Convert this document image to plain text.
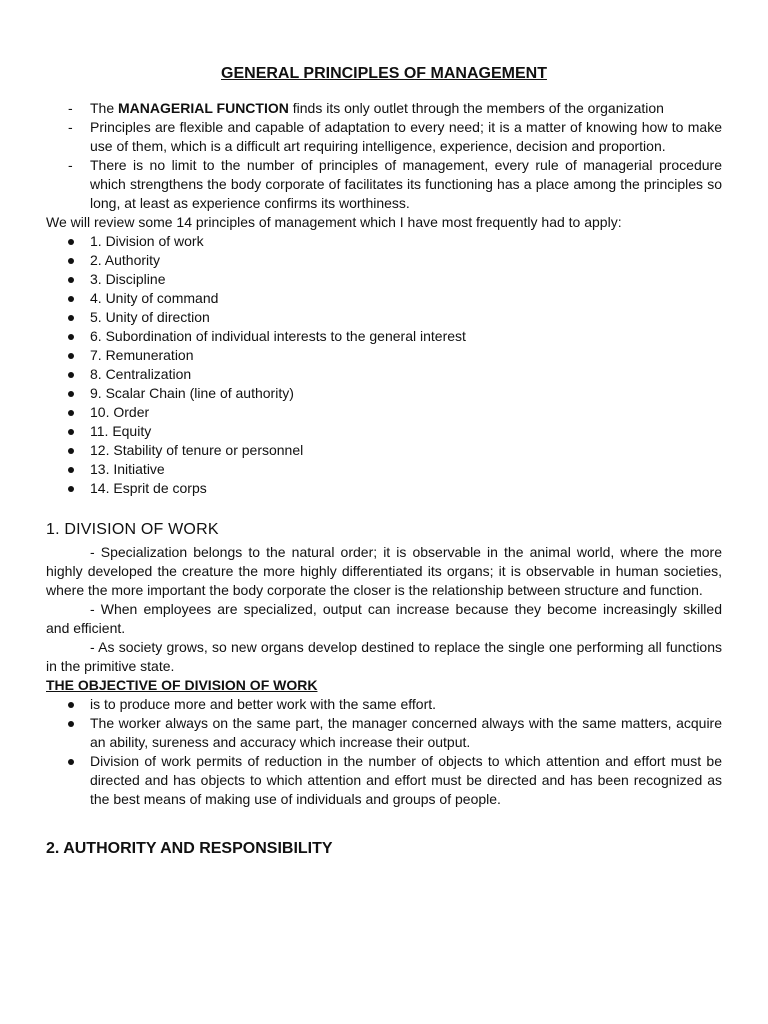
GENERAL PRINCIPLES OF MANAGEMENT
- The MANAGERIAL FUNCTION finds its only outlet through the members of the organization
- Principles are flexible and capable of adaptation to every need; it is a matter of knowing how to make use of them, which is a difficult art requiring intelligence, experience, decision and proportion.
- There is no limit to the number of principles of management, every rule of managerial procedure which strengthens the body corporate of facilitates its functioning has a place among the principles so long, at least as experience confirms its worthiness.

We will review some 14 principles of management which I have most frequently had to apply:

1. Division of work
2. Authority
3. Discipline
4. Unity of command
5. Unity of direction
6. Subordination of individual interests to the general interest
7. Remuneration
8. Centralization
9. Scalar Chain (line of authority)
10. Order
11. Equity
12. Stability of tenure or personnel
13. Initiative
14. Esprit de corps
1. DIVISION OF WORK

- Specialization belongs to the natural order; it is observable in the animal world, where the more highly developed the creature the more highly differentiated its organs; it is observable in human societies, where the more important the body corporate the closer is the relationship between structure and function.

- When employees are specialized, output can increase because they become increasingly skilled and efficient.

- As society grows, so new organs develop destined to replace the single one performing all functions in the primitive state.

THE OBJECTIVE OF DIVISION OF WORK

is to produce more and better work with the same effort.
The worker always on the same part, the manager concerned always with the same matters, acquire an ability, sureness and accuracy which increase their output.
Division of work permits of reduction in the number of objects to which attention and effort must be directed and has objects to which attention and effort must be directed and has been recognized as the best means of making use of individuals and groups of people.
2. AUTHORITY AND RESPONSIBILITY
